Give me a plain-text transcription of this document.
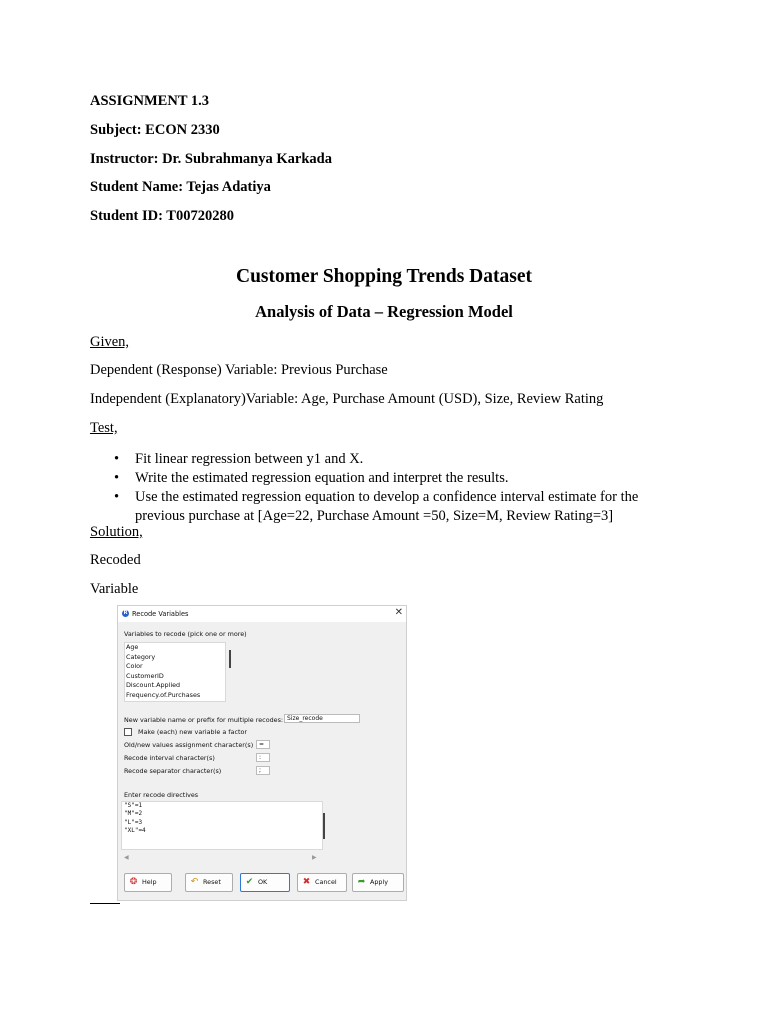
ASSIGNMENT 1.3
Subject: ECON 2330
Instructor: Dr. Subrahmanya Karkada
Student Name: Tejas Adatiya
Student ID: T00720280
Customer Shopping Trends Dataset
Analysis of Data – Regression Model
Given,
Dependent (Response) Variable: Previous Purchase
Independent (Explanatory)Variable: Age, Purchase Amount (USD), Size, Review Rating
Test,
• Fit linear regression between y1 and X.
• Write the estimated regression equation and interpret the results.
• Use the estimated regression equation to develop a confidence interval estimate for the previous purchase at [Age=22, Purchase Amount =50, Size=M, Review Rating=3]
Solution,
Recoded
Variable
R Recode Variables	✕
Variables to recode (pick one or more)
Age
Category
Color
CustomerID
Discount.Applied
Frequency.of.Purchases
New variable name or prefix for multiple recodes: Size_recode
Make (each) new variable a factor
Old/new values assignment character(s) =
Recode interval character(s)	:
Recode separator character(s)	;
Enter recode directives
"S"=1
"M"=2
"L"=3
"XL"=4
◀	▶
❂ Help	↶ Reset	✔ OK	✖ Cancel	➦ Apply
